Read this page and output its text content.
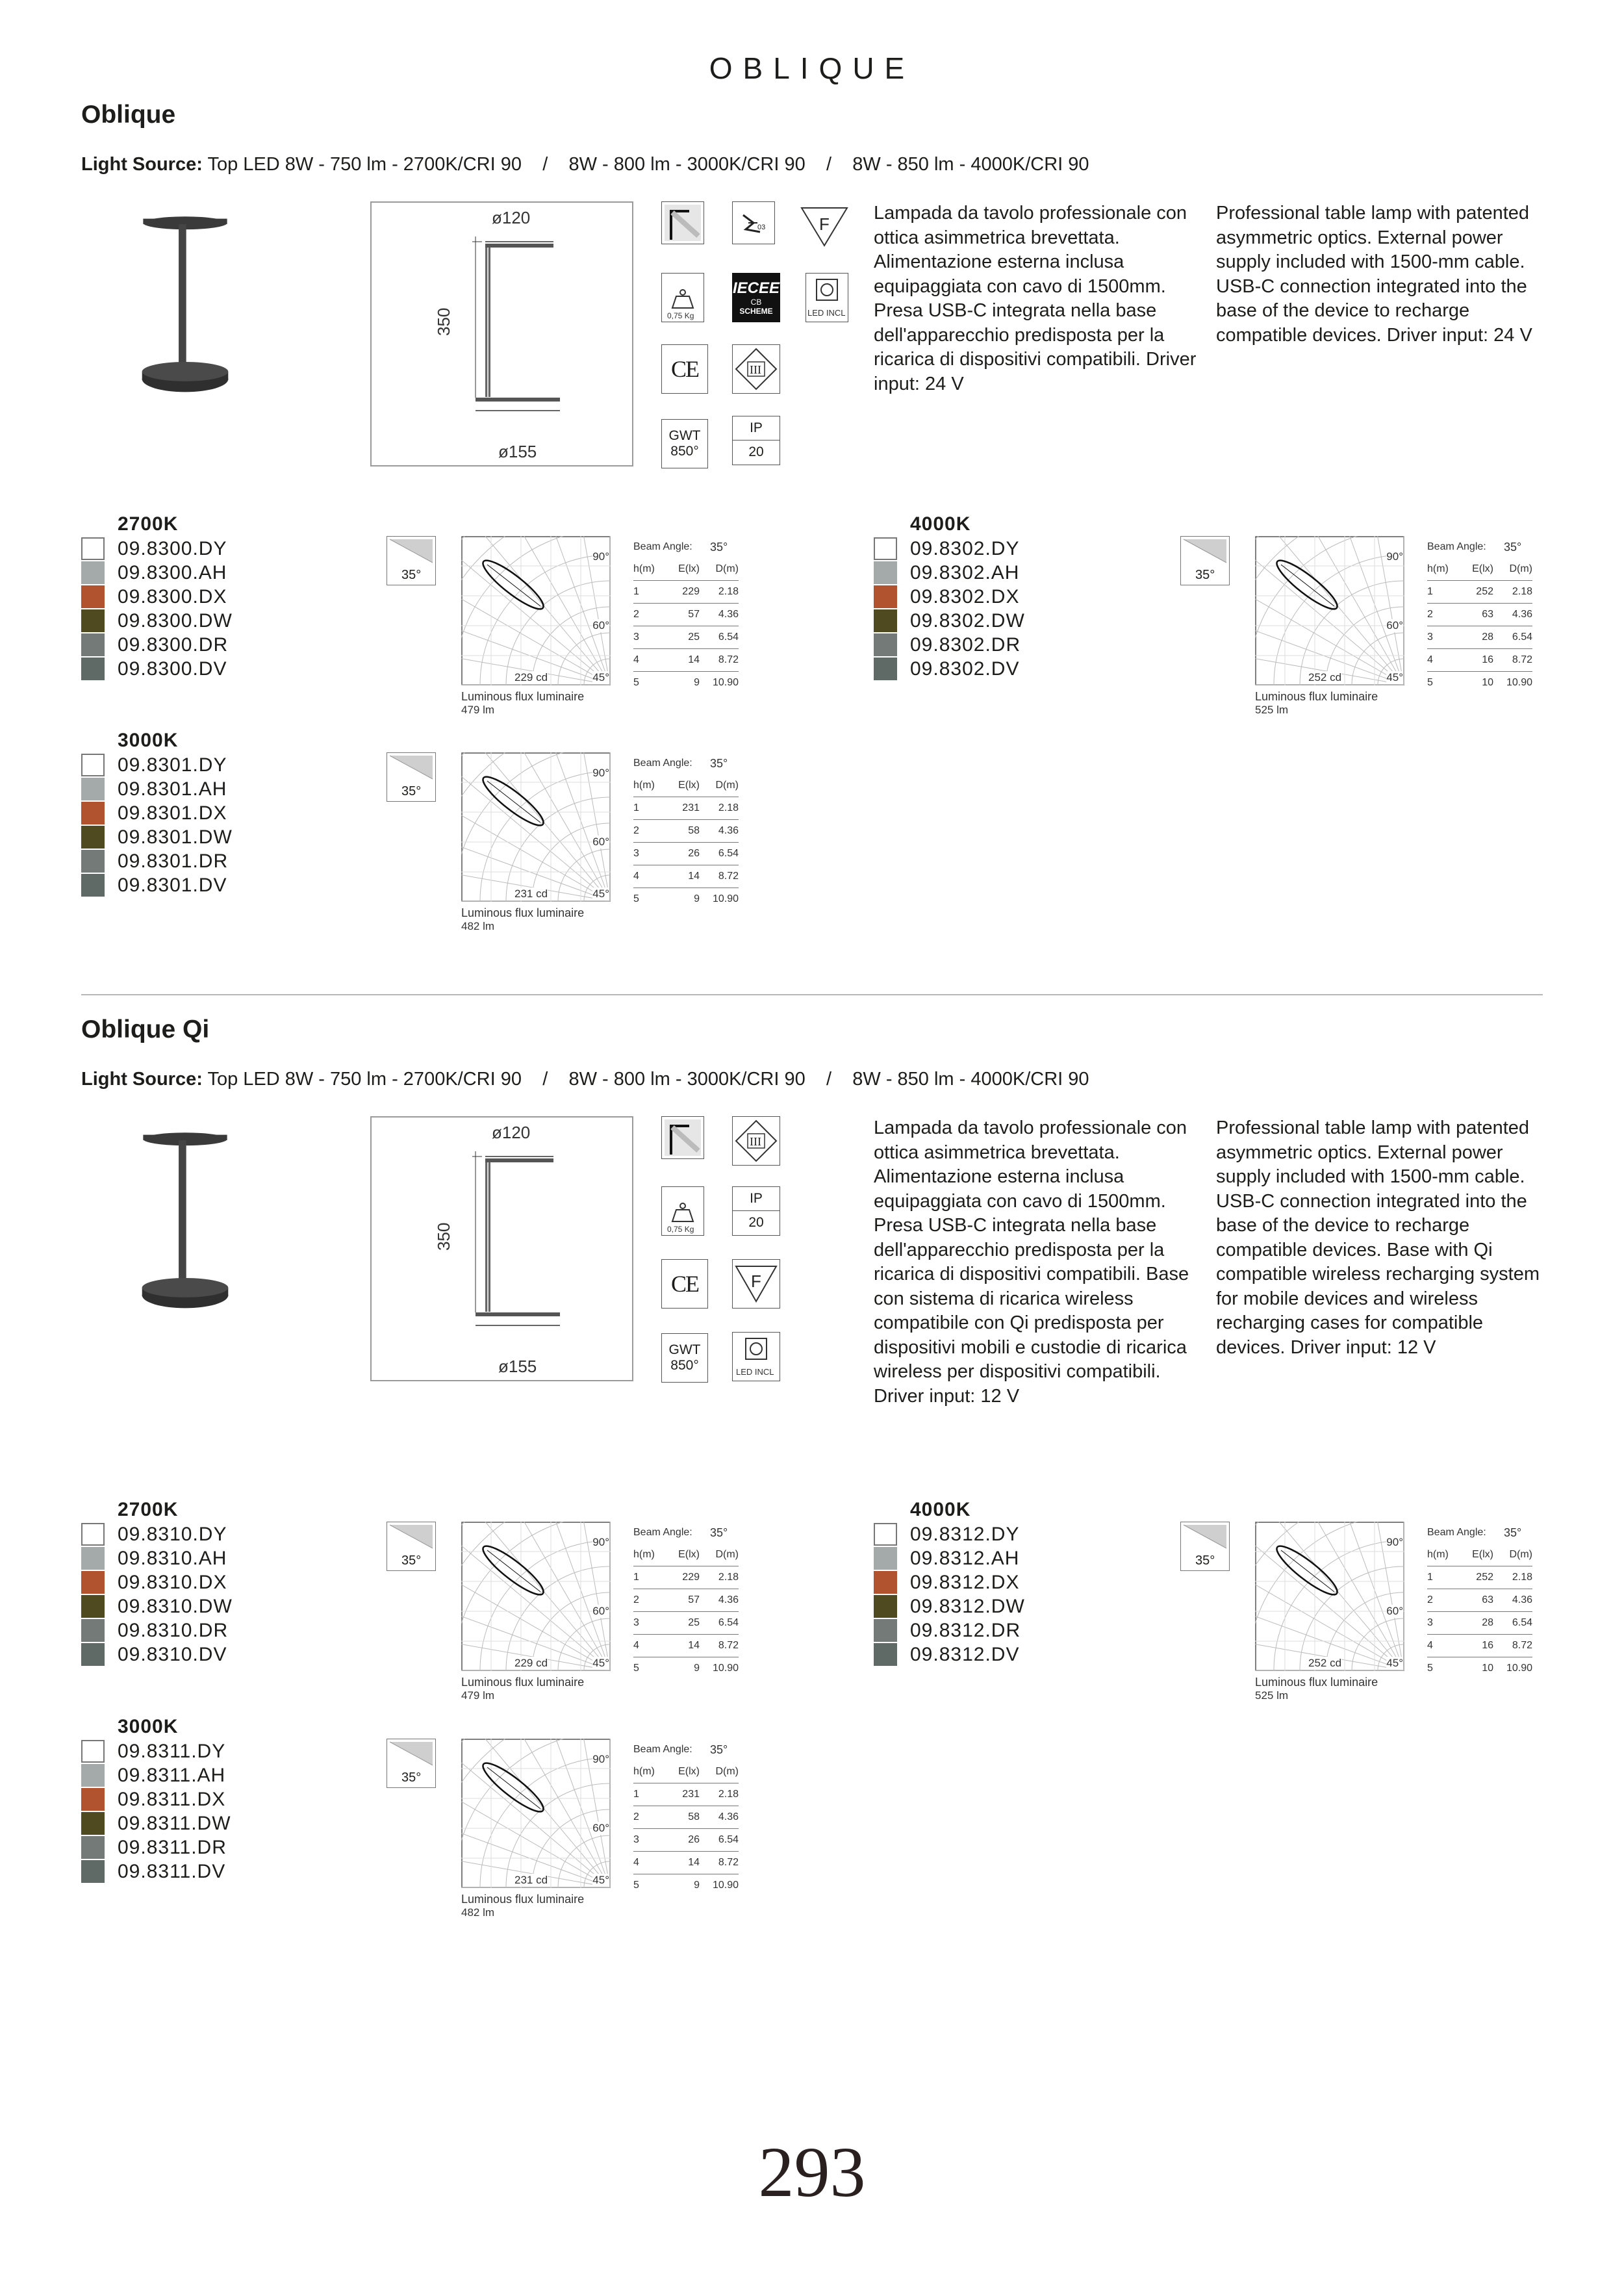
OBLIQUE
Oblique
Light Source: Top LED 8W - 750 lm - 2700K/CRI 90    /    8W - 800 lm - 3000K/CRI 90    /    8W - 850 lm - 4000K/CRI 90
ø120
350
ø155
03	F
0,75 Kg
IECEE
CB
SCHEME	LED INCL
CE	III
GWT
850°
IP
20
Lampada da tavolo professionale con ottica asimmetrica brevettata. Alimentazione esterna inclusa equipaggiata con cavo di 1500mm. Presa USB-C integrata nella base dell'apparecchio predisposta per la ricarica di dispositivi compatibili. Driver input: 24 V
Professional table lamp with patented asymmetric optics. External power supply included with 1500-mm cable. USB-C connection integrated into the base of the device to recharge compatible devices. Driver input: 24 V
2700K
09.8300.DY
09.8300.AH
09.8300.DX
09.8300.DW
09.8300.DR
09.8300.DV
35°
90°
60°
45°
229 cd
Luminous flux luminaire
479 lm
Beam Angle:	35°
h(m)	E(lx)	D(m)
1	229	2.18
2	57	4.36
3	25	6.54
4	14	8.72
5	9	10.90
3000K
09.8301.DY
09.8301.AH
09.8301.DX
09.8301.DW
09.8301.DR
09.8301.DV
35°
90°
60°
45°
231 cd
Luminous flux luminaire
482 lm
Beam Angle:	35°
h(m)	E(lx)	D(m)
1	231	2.18
2	58	4.36
3	26	6.54
4	14	8.72
5	9	10.90
4000K
09.8302.DY
09.8302.AH
09.8302.DX
09.8302.DW
09.8302.DR
09.8302.DV
35°
90°
60°
45°
252 cd
Luminous flux luminaire
525 lm
Beam Angle:	35°
h(m)	E(lx)	D(m)
1	252	2.18
2	63	4.36
3	28	6.54
4	16	8.72
5	10	10.90
Oblique Qi
Light Source: Top LED 8W - 750 lm - 2700K/CRI 90    /    8W - 800 lm - 3000K/CRI 90    /    8W - 850 lm - 4000K/CRI 90
ø120
350
ø155
III
0,75 Kg
IP
20
CE	F
GWT
850°	LED INCL
Lampada da tavolo professionale con ottica asimmetrica brevettata. Alimentazione esterna inclusa equipaggiata con cavo di 1500mm. Presa USB-C integrata nella base dell'apparecchio predisposta per la ricarica di dispositivi compatibili. Base con sistema di ricarica wireless compatibile con Qi predisposta per dispositivi mobili e custodie di ricarica wireless per dispositivi compatibili. Driver input: 12 V
Professional table lamp with patented asymmetric optics. External power supply included with 1500-mm cable. USB-C connection integrated into the base of the device to recharge compatible devices. Base with Qi compatible wireless recharging system for mobile devices and wireless recharging cases for compatible devices. Driver input: 12 V
2700K
09.8310.DY
09.8310.AH
09.8310.DX
09.8310.DW
09.8310.DR
09.8310.DV
35°
90°
60°
45°
229 cd
Luminous flux luminaire
479 lm
Beam Angle:	35°
h(m)	E(lx)	D(m)
1	229	2.18
2	57	4.36
3	25	6.54
4	14	8.72
5	9	10.90
3000K
09.8311.DY
09.8311.AH
09.8311.DX
09.8311.DW
09.8311.DR
09.8311.DV
35°
90°
60°
45°
231 cd
Luminous flux luminaire
482 lm
Beam Angle:	35°
h(m)	E(lx)	D(m)
1	231	2.18
2	58	4.36
3	26	6.54
4	14	8.72
5	9	10.90
4000K
09.8312.DY
09.8312.AH
09.8312.DX
09.8312.DW
09.8312.DR
09.8312.DV
35°
90°
60°
45°
252 cd
Luminous flux luminaire
525 lm
Beam Angle:	35°
h(m)	E(lx)	D(m)
1	252	2.18
2	63	4.36
3	28	6.54
4	16	8.72
5	10	10.90
293
